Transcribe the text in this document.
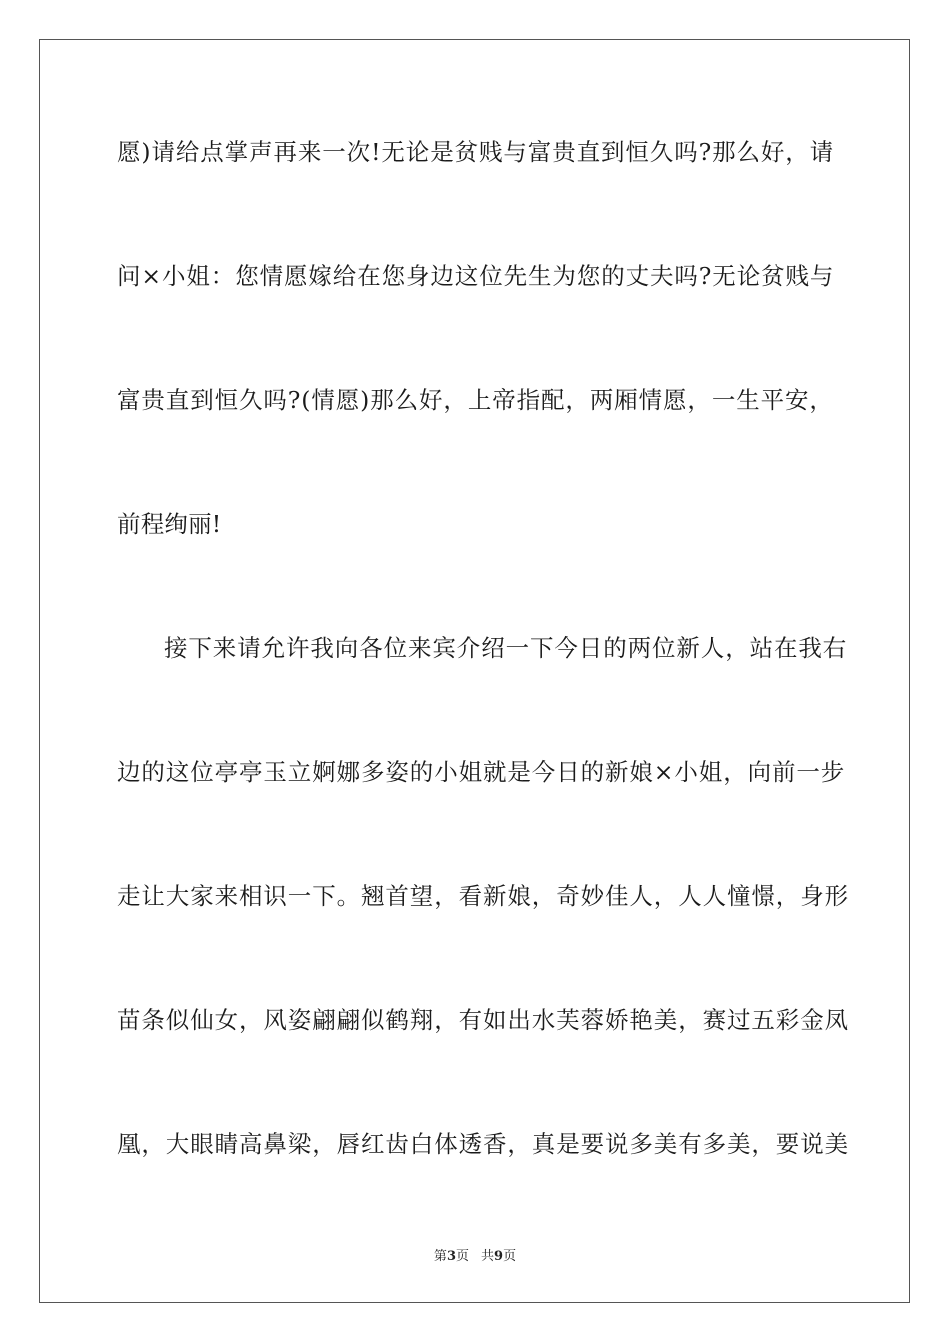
愿)请给点掌声再来一次!无论是贫贱与富贵直到恒久吗?那么好，请
问×小姐：您情愿嫁给在您身边这位先生为您的丈夫吗?无论贫贱与
富贵直到恒久吗?(情愿)那么好，上帝指配，两厢情愿，一生平安，
前程绚丽!
接下来请允许我向各位来宾介绍一下今日的两位新人，站在我右
边的这位亭亭玉立婀娜多姿的小姐就是今日的新娘×小姐，向前一步
走让大家来相识一下。翘首望，看新娘，奇妙佳人，人人憧憬，身形
苗条似仙女，风姿翩翩似鹤翔，有如出水芙蓉娇艳美，赛过五彩金凤
凰，大眼睛高鼻梁，唇红齿白体透香，真是要说多美有多美，要说美
第3页 共9页
